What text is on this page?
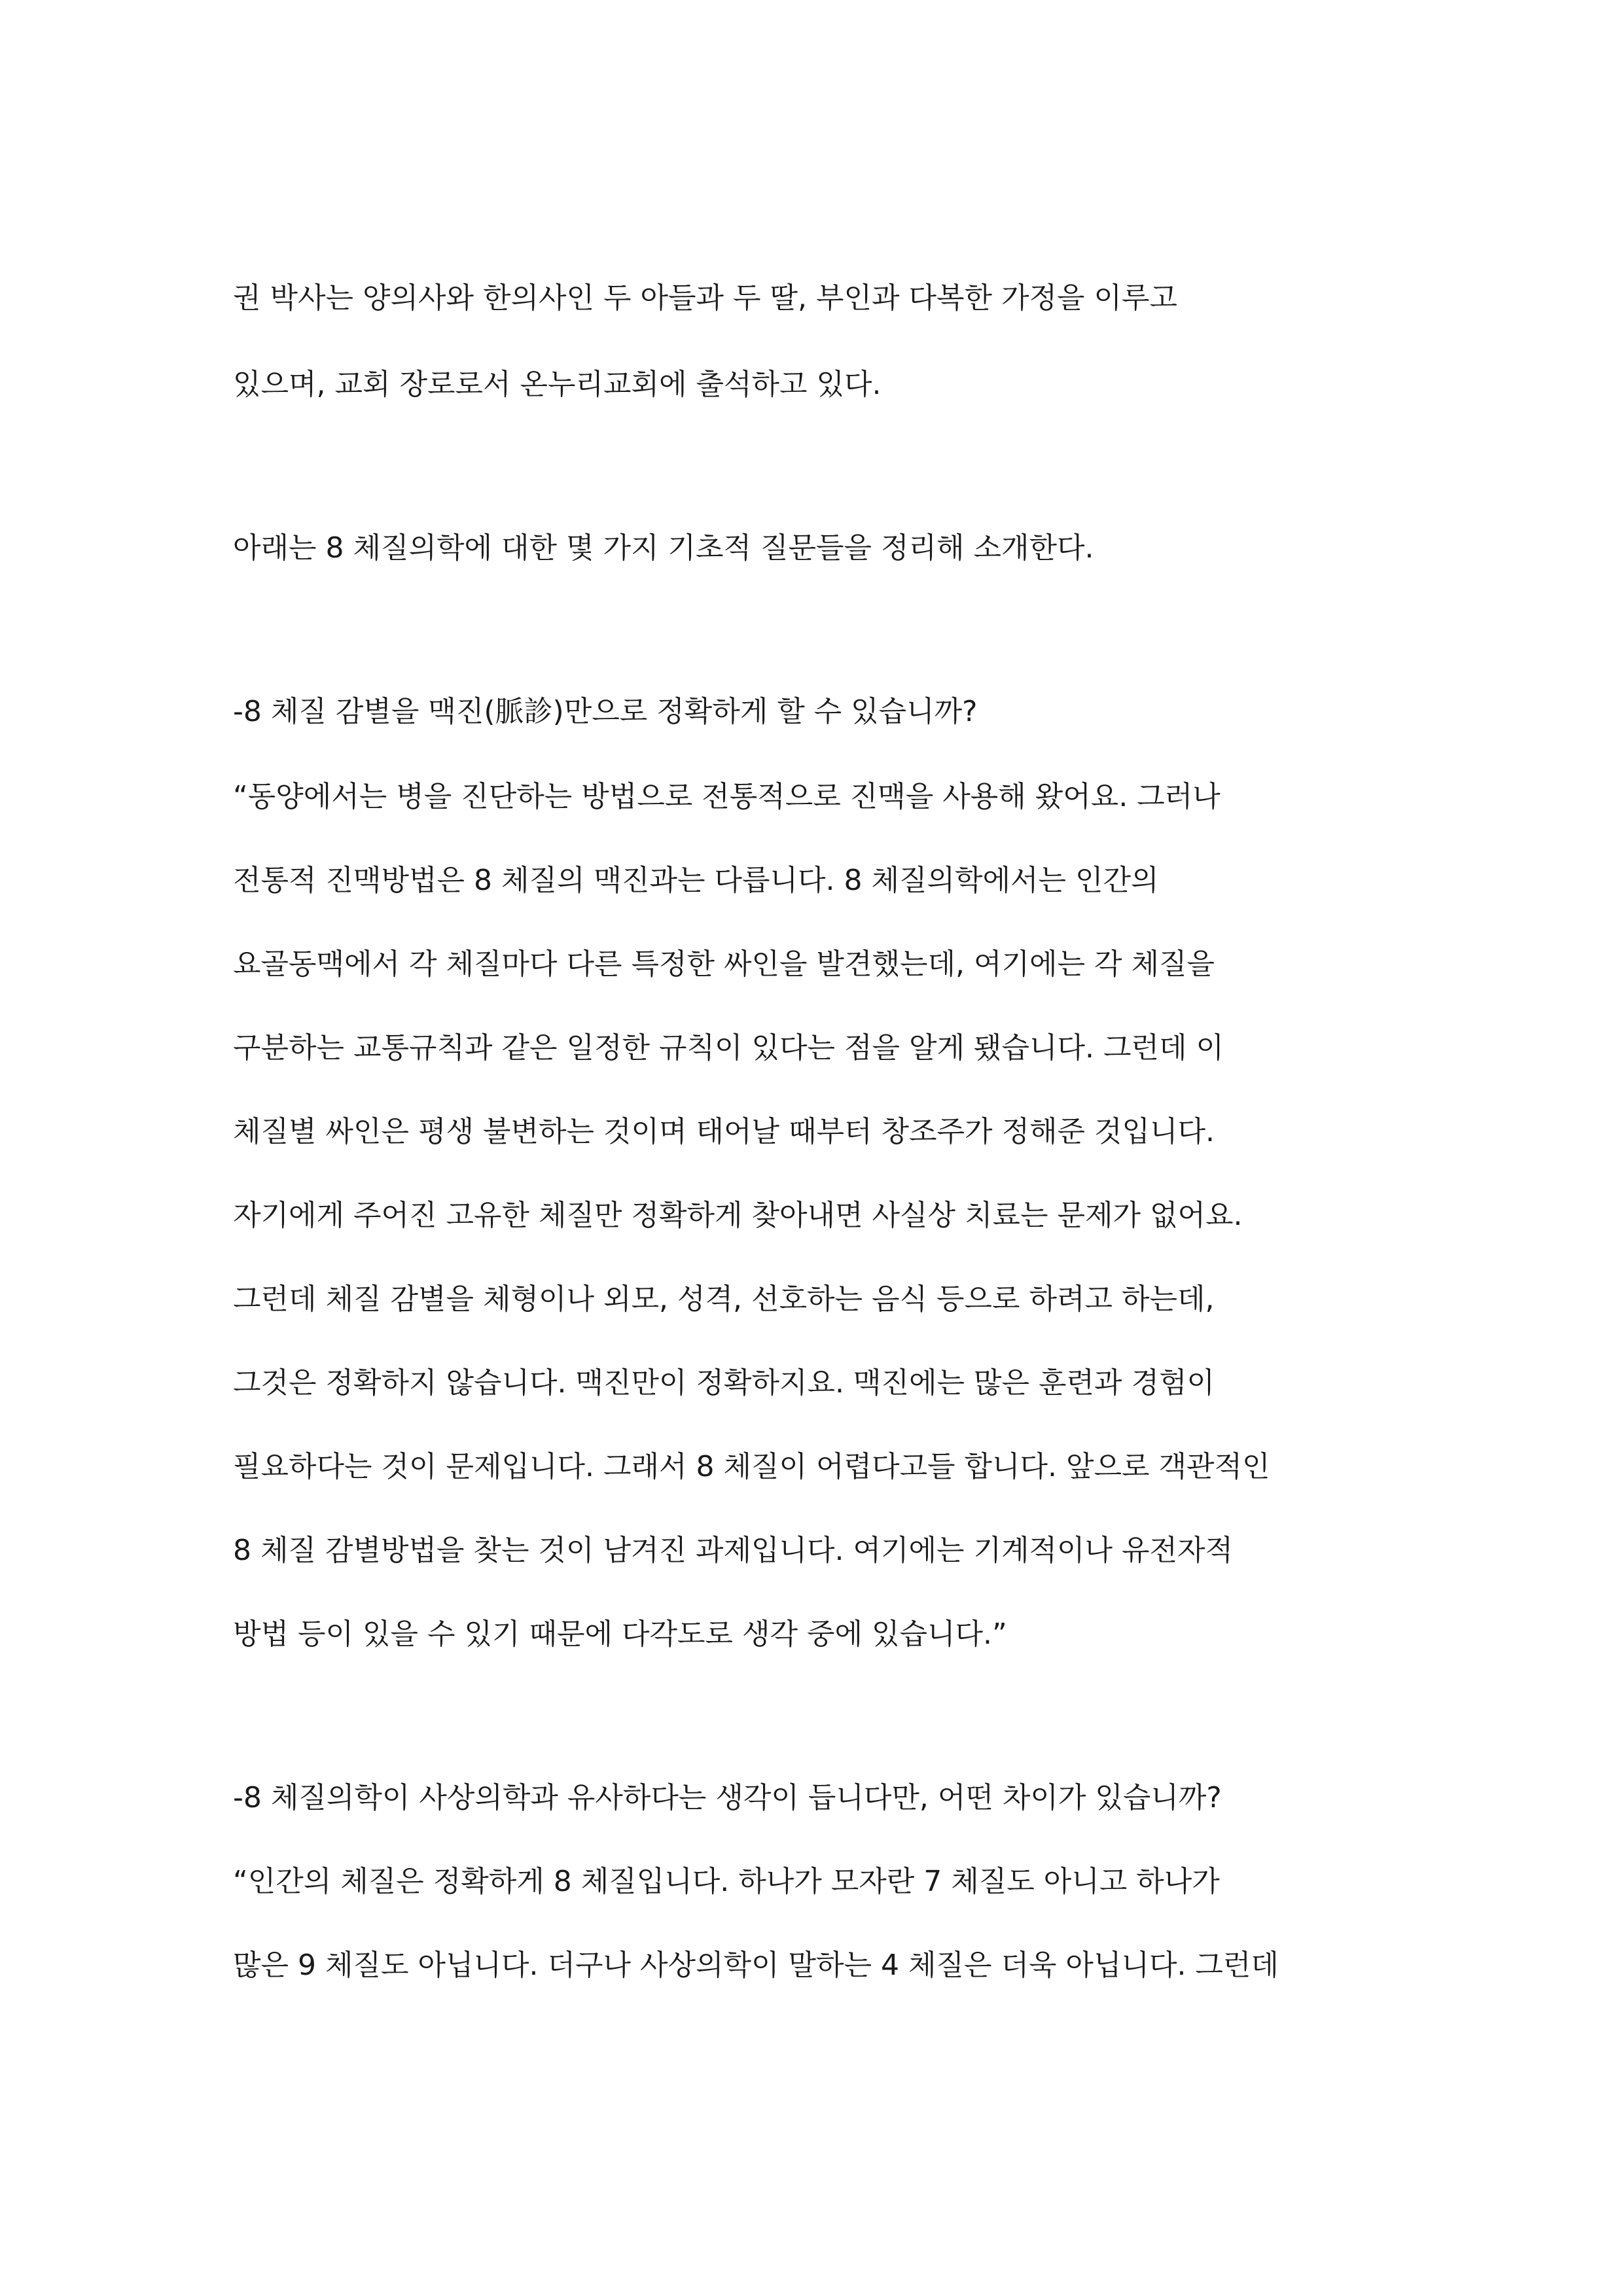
권 박사는 양의사와 한의사인 두 아들과 두 딸, 부인과 다복한 가정을 이루고

있으며, 교회 장로로서 온누리교회에 출석하고 있다.

아래는 8 체질의학에 대한 몇 가지 기초적 질문들을 정리해 소개한다.

-8 체질 감별을 맥진(脈診)만으로 정확하게 할 수 있습니까?

“동양에서는 병을 진단하는 방법으로 전통적으로 진맥을 사용해 왔어요. 그러나

전통적 진맥방법은 8 체질의 맥진과는 다릅니다. 8 체질의학에서는 인간의

요골동맥에서 각 체질마다 다른 특정한 싸인을 발견했는데, 여기에는 각 체질을

구분하는 교통규칙과 같은 일정한 규칙이 있다는 점을 알게 됐습니다. 그런데 이

체질별 싸인은 평생 불변하는 것이며 태어날 때부터 창조주가 정해준 것입니다.

자기에게 주어진 고유한 체질만 정확하게 찾아내면 사실상 치료는 문제가 없어요.

그런데 체질 감별을 체형이나 외모, 성격, 선호하는 음식 등으로 하려고 하는데,

그것은 정확하지 않습니다. 맥진만이 정확하지요. 맥진에는 많은 훈련과 경험이

필요하다는 것이 문제입니다. 그래서 8 체질이 어렵다고들 합니다. 앞으로 객관적인

8 체질 감별방법을 찾는 것이 남겨진 과제입니다. 여기에는 기계적이나 유전자적

방법 등이 있을 수 있기 때문에 다각도로 생각 중에 있습니다.”

-8 체질의학이 사상의학과 유사하다는 생각이 듭니다만, 어떤 차이가 있습니까?

“인간의 체질은 정확하게 8 체질입니다. 하나가 모자란 7 체질도 아니고 하나가

많은 9 체질도 아닙니다. 더구나 사상의학이 말하는 4 체질은 더욱 아닙니다. 그런데
